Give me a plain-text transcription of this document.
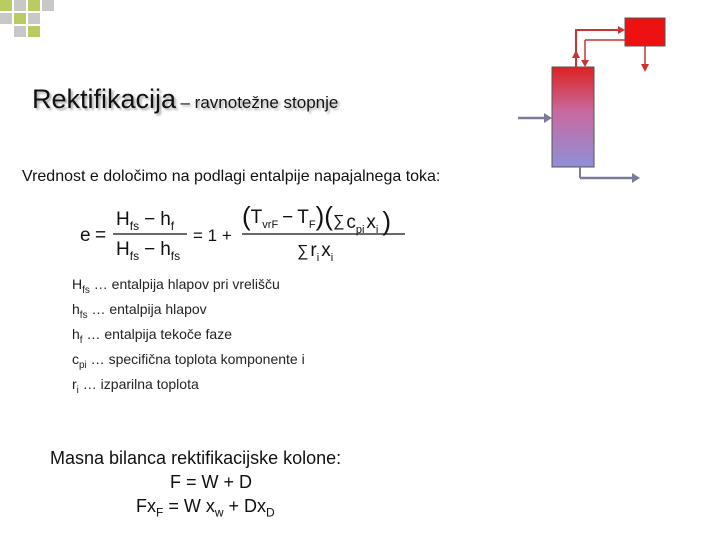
Rektifikacija – ravnotežne stopnje
Vrednost e določimo na podlagi entalpije napajalnega toka:
e =
$H_{fs} - h_f$
$H_{fs} - h_{fs}$
= 1 +
$(T_{vrF} - T_F)(\sum$ $c_{pi}$ $x_i$ )
∑ $r_i$ $x_i$
$H_{fs}$ … entalpija hlapov pri vrelišču
$h_{fs}$ … entalpija hlapov
$h_f$ … entalpija tekoče faze
$c_{pi}$ … specifična toplota komponente i
$r_i$ … izparilna toplota
Masna bilanca rektifikacijske kolone:
F = W + D
$Fx_F = W$ $x_w + Dx_D$
